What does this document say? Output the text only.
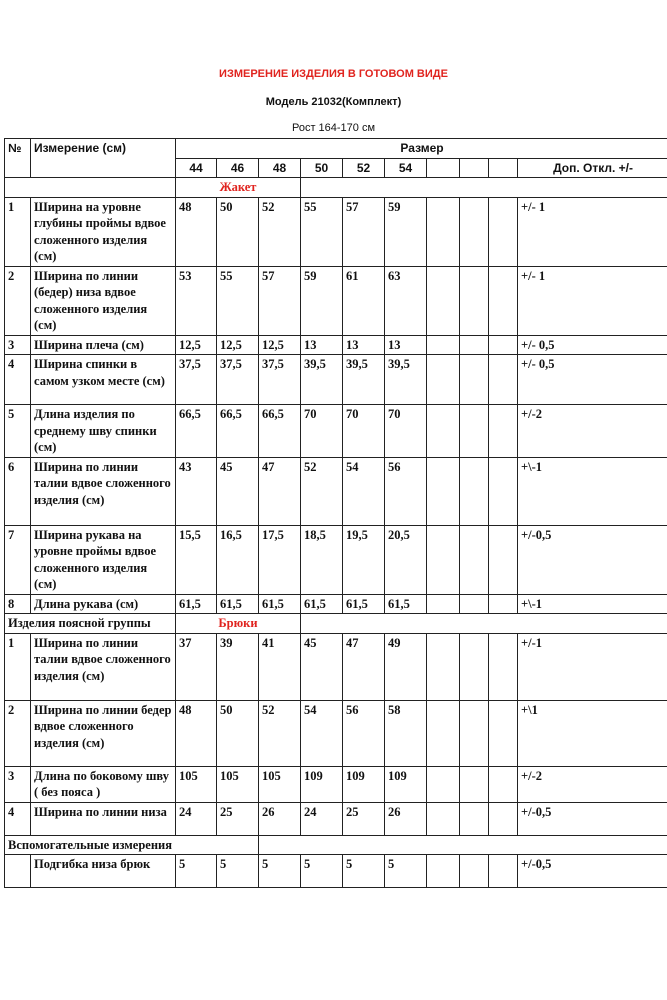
ИЗМЕРЕНИЕ ИЗДЕЛИЯ В ГОТОВОМ ВИДЕ
Модель 21032(Комплект)
Рост 164-170 см
№	Измерение (см)	Размер									
		44	46	48	50	52	54				Доп. Откл. +/-
		Жакет									
1	Ширина на уровне глубины проймы вдвое сложенного изделия (см)	48	50	52	55	57	59				+/- 1
2	Ширина по линии (бедер) низа вдвое сложенного изделия (см)	53	55	57	59	61	63				+/- 1
3	Ширина плеча (см)	12,5	12,5	12,5	13	13	13				+/- 0,5
4	Ширина спинки в самом узком месте (см)	37,5	37,5	37,5	39,5	39,5	39,5				+/- 0,5
5	Длина изделия по среднему шву спинки (см)	66,5	66,5	66,5	70	70	70				+/-2
6	Ширина по линии талии вдвое сложенного изделия (см)	43	45	47	52	54	56				+\-1
7	Ширина рукава на уровне проймы вдвое сложенного изделия (см)	15,5	16,5	17,5	18,5	19,5	20,5				+/-0,5
8	Длина рукава (см)	61,5	61,5	61,5	61,5	61,5	61,5				+\-1
Изделия поясной группы		Брюки									
1	Ширина по линии талии вдвое сложенного изделия (см)	37	39	41	45	47	49				+/-1
2	Ширина по линии бедер вдвое сложенного изделия (см)	48	50	52	54	56	58				+\1
3	Длина по боковому шву ( без пояса )	105	105	105	109	109	109				+/-2
4	Ширина по линии низа	24	25	26	24	25	26				+/-0,5
Вспомогательные измерения											
	Подгибка низа брюк	5	5	5	5	5	5				+/-0,5
